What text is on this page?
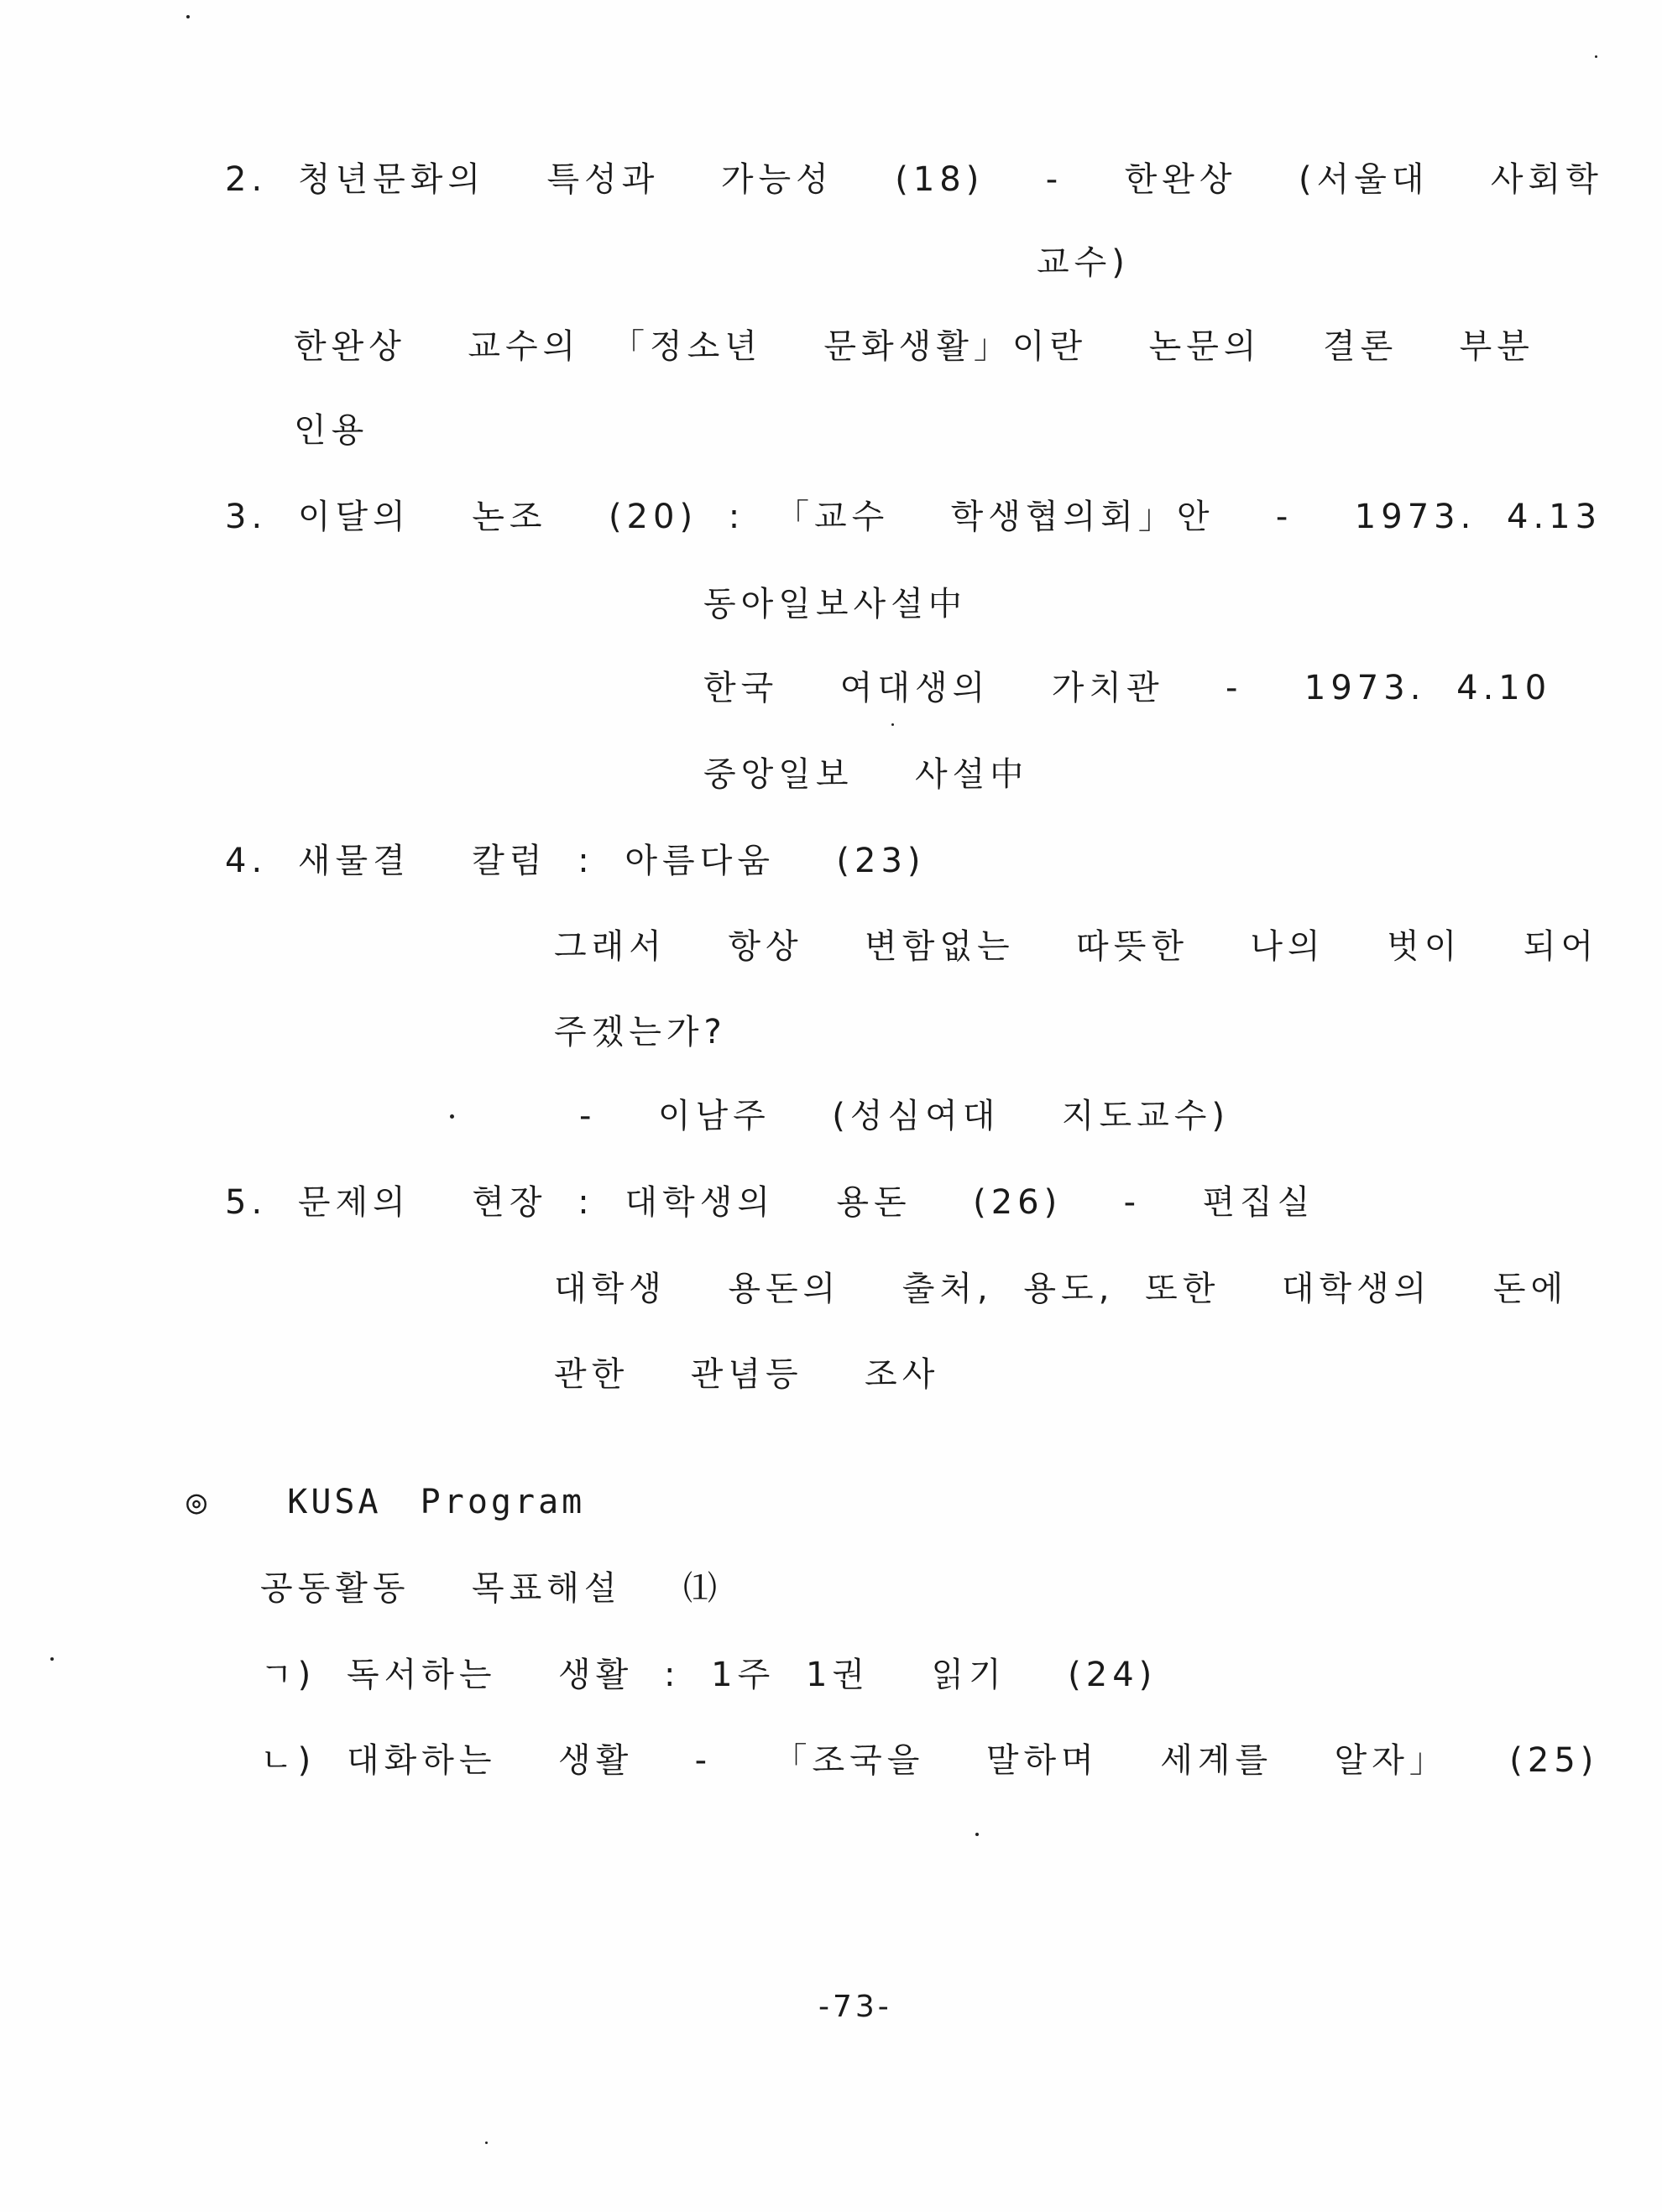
2. 청년문화의  특성과  가능성  (18)  -  한완상  (서울대  사회학
교수)
한완상  교수의 「정소년  문화생활」이란  논문의  결론  부분
인용
3. 이달의  논조  (20) : 「교수  학생협의회」안  -  1973. 4.13
동아일보사설中
한국  여대생의  가치관  -  1973. 4.10
중앙일보  사설中
4. 새물결  칼럼 : 아름다움  (23)
그래서  항상  변함없는  따뜻한  나의  벗이  되어
주겠는가?
-  이남주  (성심여대  지도교수)
5. 문제의  현장 : 대학생의  용돈  (26)  -  편집실
대학생  용돈의  출처, 용도, 또한  대학생의  돈에
관한  관념등  조사
◎  KUSA Program
공동활동  목표해설  ⑴
ㄱ) 독서하는  생활 : 1주 1권  읽기  (24)
ㄴ) 대화하는  생활  -  「조국을  말하며  세계를  알자」  (25)
-73-
